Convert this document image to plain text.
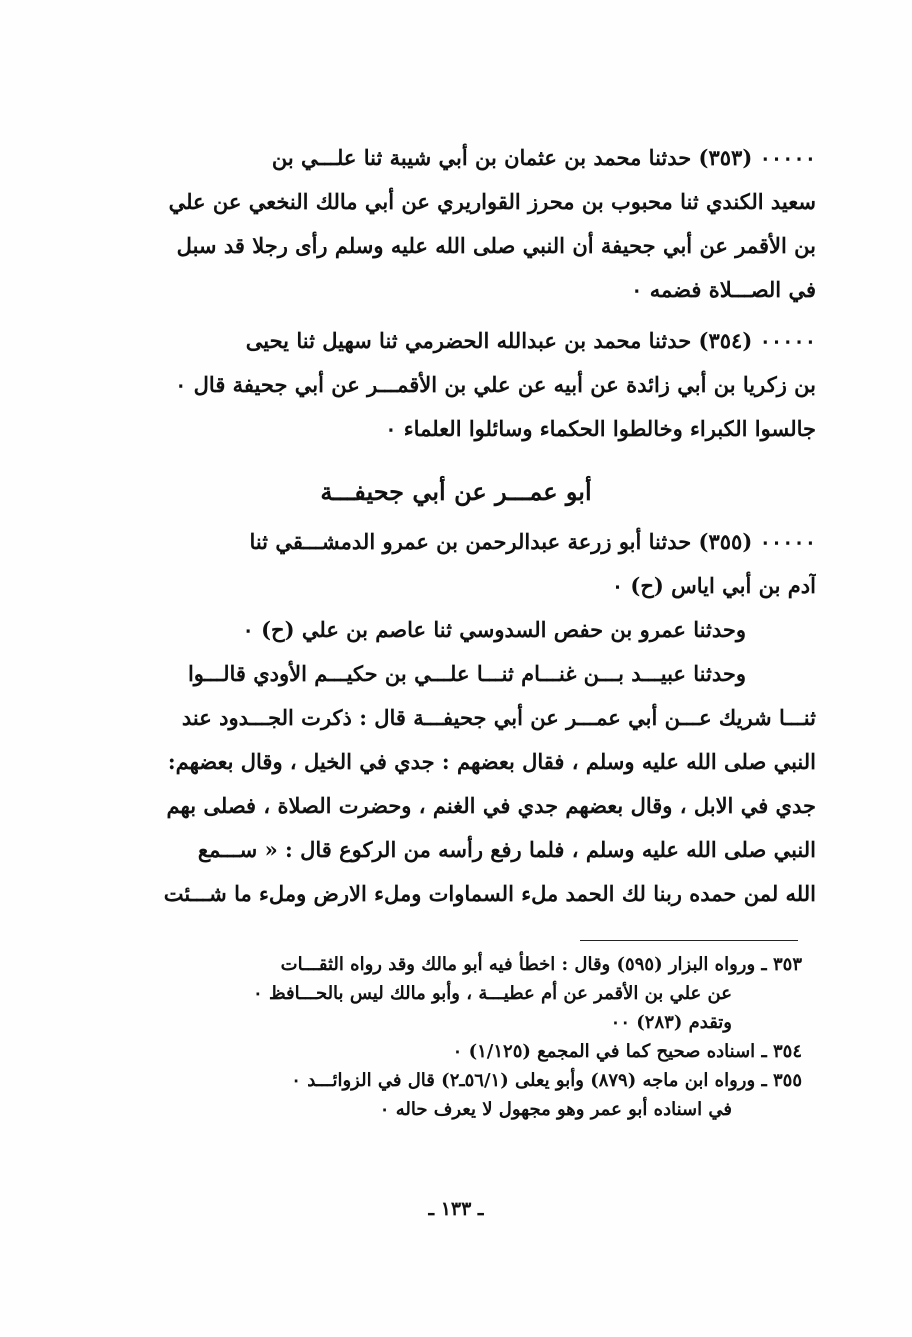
٠٠٠٠٠ (٣٥٣) حدثنا محمد بن عثمان بن أبي شيبة ثنا علـــي بن
سعيد الكندي ثنا محبوب بن محرز القواريري عن أبي مالك النخعي عن علي
بن الأقمر عن أبي جحيفة أن النبي صلى الله عليه وسلم رأى رجلا قد سبل
في الصـــلاة فضمه ٠
٠٠٠٠٠ (٣٥٤) حدثنا محمد بن عبدالله الحضرمي ثنا سهيل ثنا يحيى
بن زكريا بن أبي زائدة عن أبيه عن علي بن الأقمـــر عن أبي جحيفة قال ٠
جالسوا الكبراء وخالطوا الحكماء وسائلوا العلماء ٠
أبو عمـــر عن أبي جحيفـــة
٠٠٠٠٠ (٣٥٥) حدثنا أبو زرعة عبدالرحمن بن عمرو الدمشـــقي ثنا
آدم بن أبي اياس (ح) ٠
وحدثنا عمرو بن حفص السدوسي ثنا عاصم بن علي (ح) ٠
وحدثنا عبيـــد بـــن غنـــام ثنـــا علـــي بن حكيـــم الأودي قالـــوا
ثنـــا شريك عـــن أبي عمـــر عن أبي جحيفـــة قال : ذكرت الجـــدود عند
النبي صلى الله عليه وسلم ، فقال بعضهم : جدي في الخيل ، وقال بعضهم:
جدي في الابل ، وقال بعضهم جدي في الغنم ، وحضرت الصلاة ، فصلى بهم
النبي صلى الله عليه وسلم ، فلما رفع رأسه من الركوع قال : « ســـمع
الله لمن حمده ربنا لك الحمد ملء السماوات وملء الارض وملء ما شـــئت
٣٥٣ ـ ورواه البزار (٥٩٥) وقال : اخطأ فيه أبو مالك وقد رواه الثقـــات
عن علي بن الأقمر عن أم عطيـــة ، وأبو مالك ليس بالحـــافظ ٠
وتقدم (٢٨٣) ٠٠
٣٥٤ ـ اسناده صحيح كما في المجمع (١/١٢٥) ٠
٣٥٥ ـ ورواه ابن ماجه (٨٧٩) وأبو يعلى (٥٦/١ـ٢) قال في الزوائـــد ٠
في اسناده أبو عمر وهو مجهول لا يعرف حاله ٠
ـ ١٣٣ ـ
